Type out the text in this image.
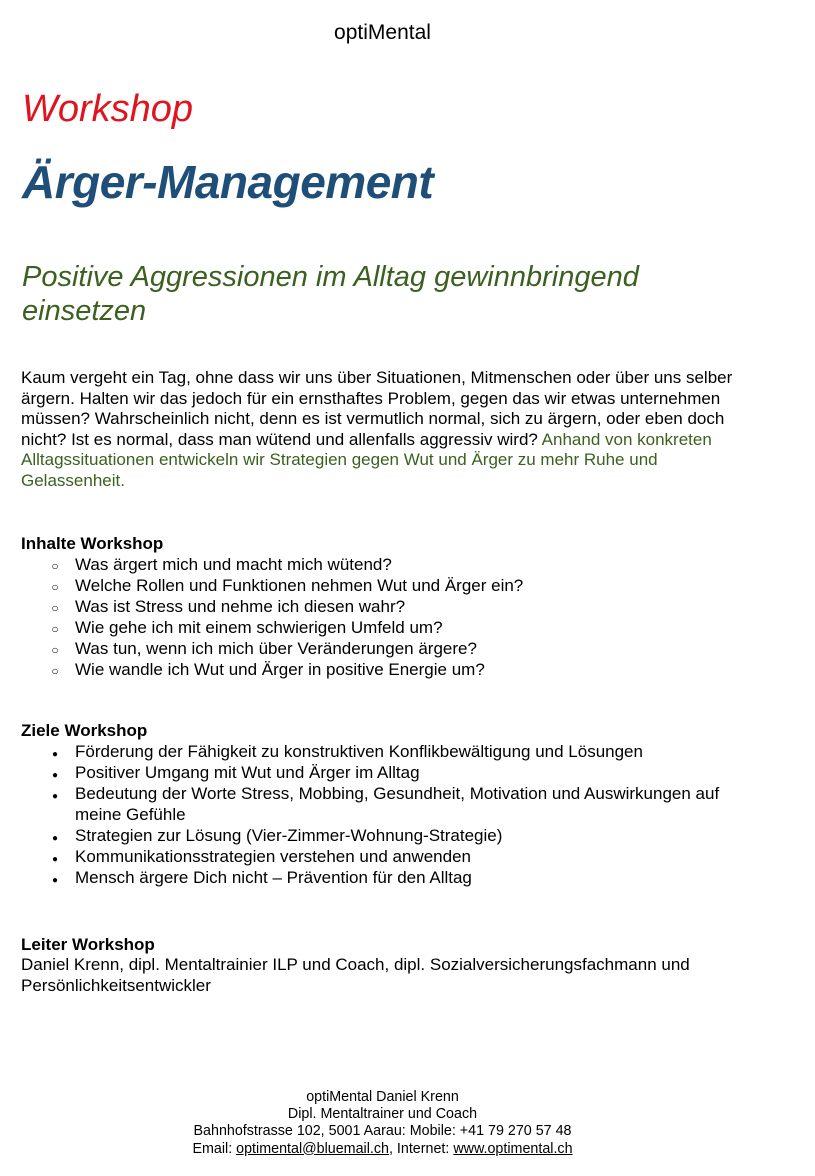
optiMental
Workshop
Ärger-Management
Positive Aggressionen im Alltag gewinnbringend einsetzen
Kaum vergeht ein Tag, ohne dass wir uns über Situationen, Mitmenschen oder über uns selber ärgern. Halten wir das jedoch für ein ernsthaftes Problem, gegen das wir etwas unternehmen müssen? Wahrscheinlich nicht, denn es ist vermutlich normal, sich zu ärgern, oder eben doch nicht? Ist es normal, dass man wütend und allenfalls aggressiv wird? Anhand von konkreten Alltagssituationen entwickeln wir Strategien gegen Wut und Ärger zu mehr Ruhe und Gelassenheit.
Inhalte Workshop
○
Was ärgert mich und macht mich wütend?
○
Welche Rollen und Funktionen nehmen Wut und Ärger ein?
○
Was ist Stress und nehme ich diesen wahr?
○
Wie gehe ich mit einem schwierigen Umfeld um?
○
Was tun, wenn ich mich über Veränderungen ärgere?
○
Wie wandle ich Wut und Ärger in positive Energie um?
Ziele Workshop
●
Förderung der Fähigkeit zu konstruktiven Konflikbewältigung und Lösungen
●
Positiver Umgang mit Wut und Ärger im Alltag
●
Bedeutung der Worte Stress, Mobbing, Gesundheit, Motivation und Auswirkungen auf meine Gefühle
●
Strategien zur Lösung (Vier-Zimmer-Wohnung-Strategie)
●
Kommunikationsstrategien verstehen und anwenden
●
Mensch ärgere Dich nicht – Prävention für den Alltag
Leiter Workshop
Daniel Krenn, dipl. Mentaltrainier ILP und Coach, dipl. Sozialversicherungsfachmann und Persönlichkeitsentwickler
optiMental Daniel Krenn
Dipl. Mentaltrainer und Coach
Bahnhofstrasse 102, 5001 Aarau: Mobile: +41 79 270 57 48
Email: optimental@bluemail.ch, Internet: www.optimental.ch
